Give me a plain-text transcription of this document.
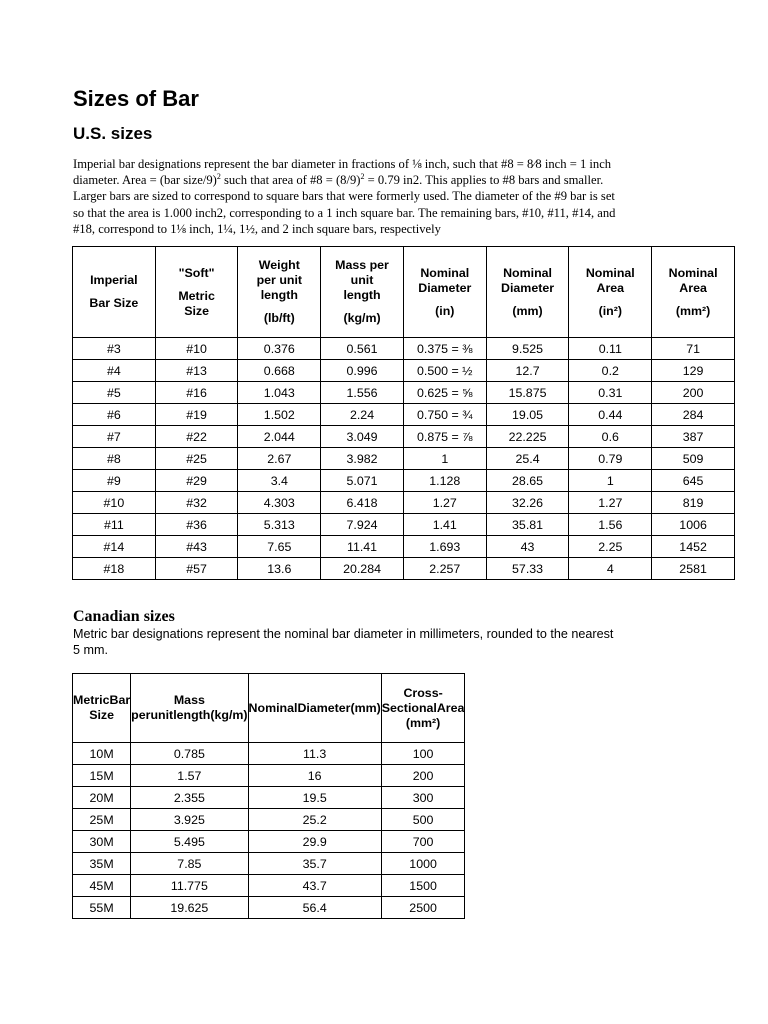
Sizes of Bar
U.S. sizes

Imperial bar designations represent the bar diameter in fractions of ⅛ inch, such that #8 = 8⁄8 inch = 1 inch
diameter. Area = (bar size/9)$^2$ such that area of #8 = $(8/9)^2 = 0.79$ in2. This applies to #8 bars and smaller.
Larger bars are sized to correspond to square bars that were formerly used. The diameter of the #9 bar is set
so that the area is 1.000 inch2, corresponding to a 1 inch square bar. The remaining bars, #10, #11, #14, and
#18, correspond to 1⅛ inch, 1¼, 1½, and 2 inch square bars, respectively

Imperial
Bar Size	"Soft"
Metric
Size	Weight
per unit
length
(lb/ft)	Mass per
unit
length
(kg/m)	Nominal
Diameter
(in)	Nominal
Diameter
(mm)	Nominal
Area
(in²)	Nominal
Area
(mm²)

#3	#10	0.376	0.561	0.375 = ⅜	9.525	0.11	71
#4	#13	0.668	0.996	0.500 = ½	12.7	0.2	129
#5	#16	1.043	1.556	0.625 = ⅝	15.875	0.31	200
#6	#19	1.502	2.24	0.750 = ¾	19.05	0.44	284
#7	#22	2.044	3.049	0.875 = ⅞	22.225	0.6	387
#8	#25	2.67	3.982	1	25.4	0.79	509
#9	#29	3.4	5.071	1.128	28.65	1	645
#10	#32	4.303	6.418	1.27	32.26	1.27	819
#11	#36	5.313	7.924	1.41	35.81	1.56	1006
#14	#43	7.65	11.41	1.693	43	2.25	1452
#18	#57	13.6	20.284	2.257	57.33	4	2581
Canadian sizes

Metric bar designations represent the nominal bar diameter in millimeters, rounded to the nearest
5 mm.

MetricBar Size	Mass perunitlength(kg/m)	NominalDiameter(mm)	Cross-SectionalArea (mm²)
10M	0.785	11.3	100
15M	1.57	16	200
20M	2.355	19.5	300
25M	3.925	25.2	500
30M	5.495	29.9	700
35M	7.85	35.7	1000
45M	11.775	43.7	1500
55M	19.625	56.4	2500
